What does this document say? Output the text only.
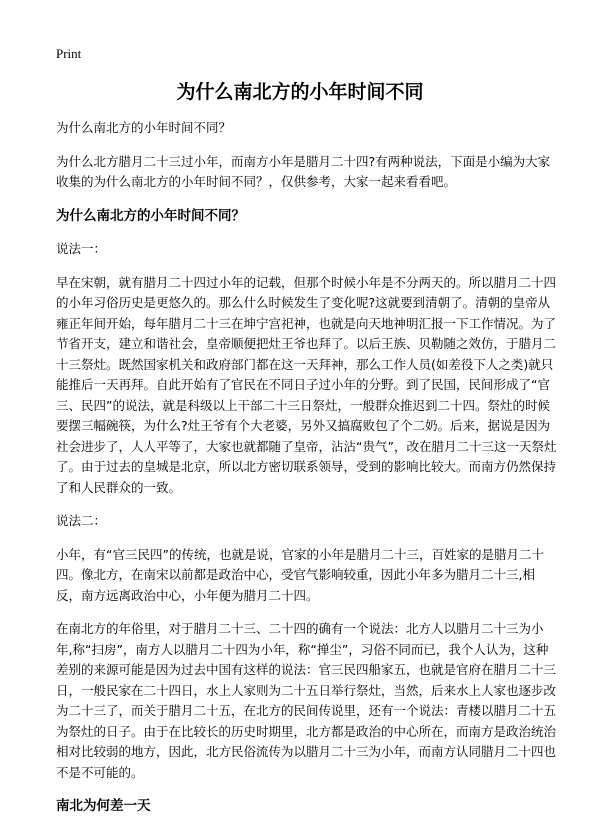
Print
为什么南北方的小年时间不同

为什么南北方的小年时间不同？

为什么北方腊月二十三过小年，而南方小年是腊月二十四?有两种说法，下面是小编为大家收集的为什么南北方的小年时间不同？，仅供参考，大家一起来看看吧。

为什么南北方的小年时间不同？

说法一：

早在宋朝，就有腊月二十四过小年的记载，但那个时候小年是不分两天的。所以腊月二十四的小年习俗历史是更悠久的。那么什么时候发生了变化呢?这就要到清朝了。清朝的皇帝从雍正年间开始，每年腊月二十三在坤宁宫祀神，也就是向天地神明汇报一下工作情况。为了节省开支，建立和谐社会，皇帝顺便把灶王爷也拜了。以后王族、贝勒随之效仿，于腊月二十三祭灶。既然国家机关和政府部门都在这一天拜神，那么工作人员(如差役下人之类)就只能推后一天再拜。自此开始有了官民在不同日子过小年的分野。到了民国，民间形成了“官三、民四”的说法，就是科级以上干部二十三日祭灶，一般群众推迟到二十四。祭灶的时候要摆三幅碗筷，为什么?灶王爷有个大老婆，另外又搞腐败包了个二奶。后来，据说是因为社会进步了，人人平等了，大家也就都随了皇帝，沾沾“贵气”，改在腊月二十三这一天祭灶了。由于过去的皇城是北京，所以北方密切联系领导，受到的影响比较大。而南方仍然保持了和人民群众的一致。

说法二：

小年，有“官三民四”的传统，也就是说，官家的小年是腊月二十三，百姓家的是腊月二十四。像北方，在南宋以前都是政治中心，受官气影响较重，因此小年多为腊月二十三,相反，南方远离政治中心，小年便为腊月二十四。

在南北方的年俗里，对于腊月二十三、二十四的确有一个说法：北方人以腊月二十三为小年,称“扫房”，南方人以腊月二十四为小年，称“掸尘”，习俗不同而已，我个人认为，这种差别的来源可能是因为过去中国有这样的说法：官三民四船家五，也就是官府在腊月二十三日，一般民家在二十四日，水上人家则为二十五日举行祭灶，当然，后来水上人家也逐步改为二十三了，而关于腊月二十五，在北方的民间传说里，还有一个说法：青楼以腊月二十五为祭灶的日子。由于在比较长的历史时期里，北方都是政治的中心所在，而南方是政治统治相对比较弱的地方，因此，北方民俗流传为以腊月二十三为小年，而南方认同腊月二十四也不是不可能的。

南北为何差一天
